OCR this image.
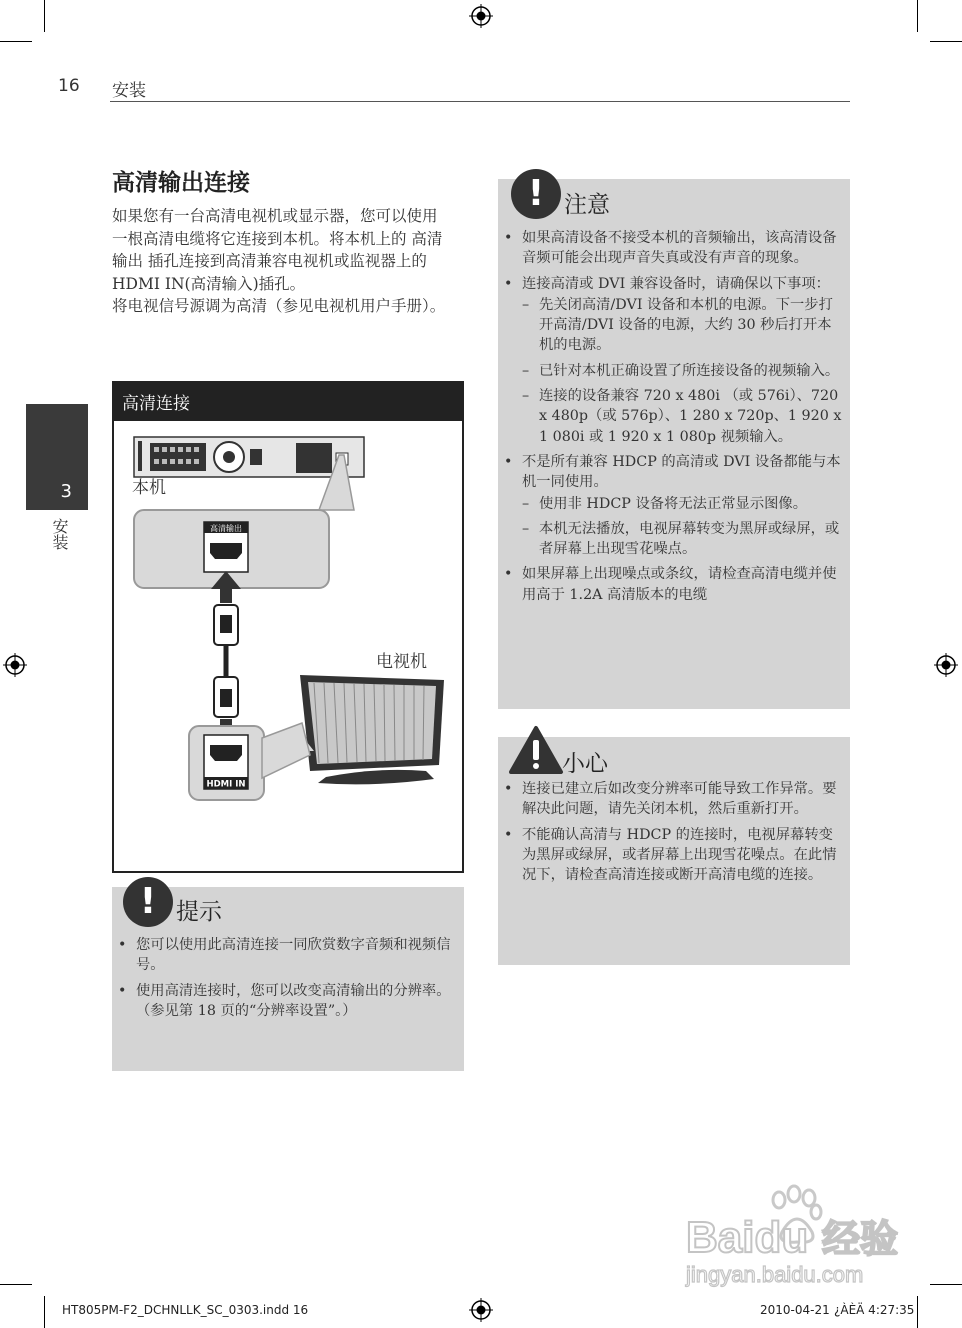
16 安装
3
安装
高清输出连接

如果您有一台高清电视机或显示器，您可以使用一根高清电缆将它连接到本机。将本机上的 高清输出 插孔连接到高清兼容电视机或监视器上的 HDMI IN(高清输入)插孔。

将电视信号源调为高清（参见电视机用户手册）。

高清连接
本机
高清输出
电视机
HDMI IN
! 提示
• 您可以使用此高清连接一同欣赏数字音频和视频信号。
• 使用高清连接时，您可以改变高清输出的分辨率。
（参见第 18 页的“分辨率设置”。）
! 注意
• 如果高清设备不接受本机的音频输出，该高清设备音频可能会出现声音失真或没有声音的现象。
• 连接高清或 DVI 兼容设备时，请确保以下事项：
– 先关闭高清/DVI 设备和本机的电源。下一步打开高清/DVI 设备的电源，大约 30 秒后打开本机的电源。
– 已针对本机正确设置了所连接设备的视频输入。
– 连接的设备兼容 720 x 480i （或 576i）、720 x 480p（或 576p）、1 280 x 720p、1 920 x 1 080i 或 1 920 x 1 080p 视频输入。
• 不是所有兼容 HDCP 的高清或 DVI 设备都能与本机一同使用。
– 使用非 HDCP 设备将无法正常显示图像。
– 本机无法播放，电视屏幕转变为黑屏或绿屏，或者屏幕上出现雪花噪点。
• 如果屏幕上出现噪点或条纹，请检查高清电缆并使用高于 1.2A 高清版本的电缆
小心
• 连接已建立后如改变分辨率可能导致工作异常。要解决此问题，请先关闭本机，然后重新打开。
• 不能确认高清与 HDCP 的连接时，电视屏幕转变为黑屏或绿屏，或者屏幕上出现雪花噪点。在此情况下，请检查高清连接或断开高清电缆的连接。
Baidu 经验
jingyan.baidu.com
HT805PM-F2_DCHNLLK_SC_0303.indd 16	2010-04-21 ¿ÀÈÄ 4:27:35
